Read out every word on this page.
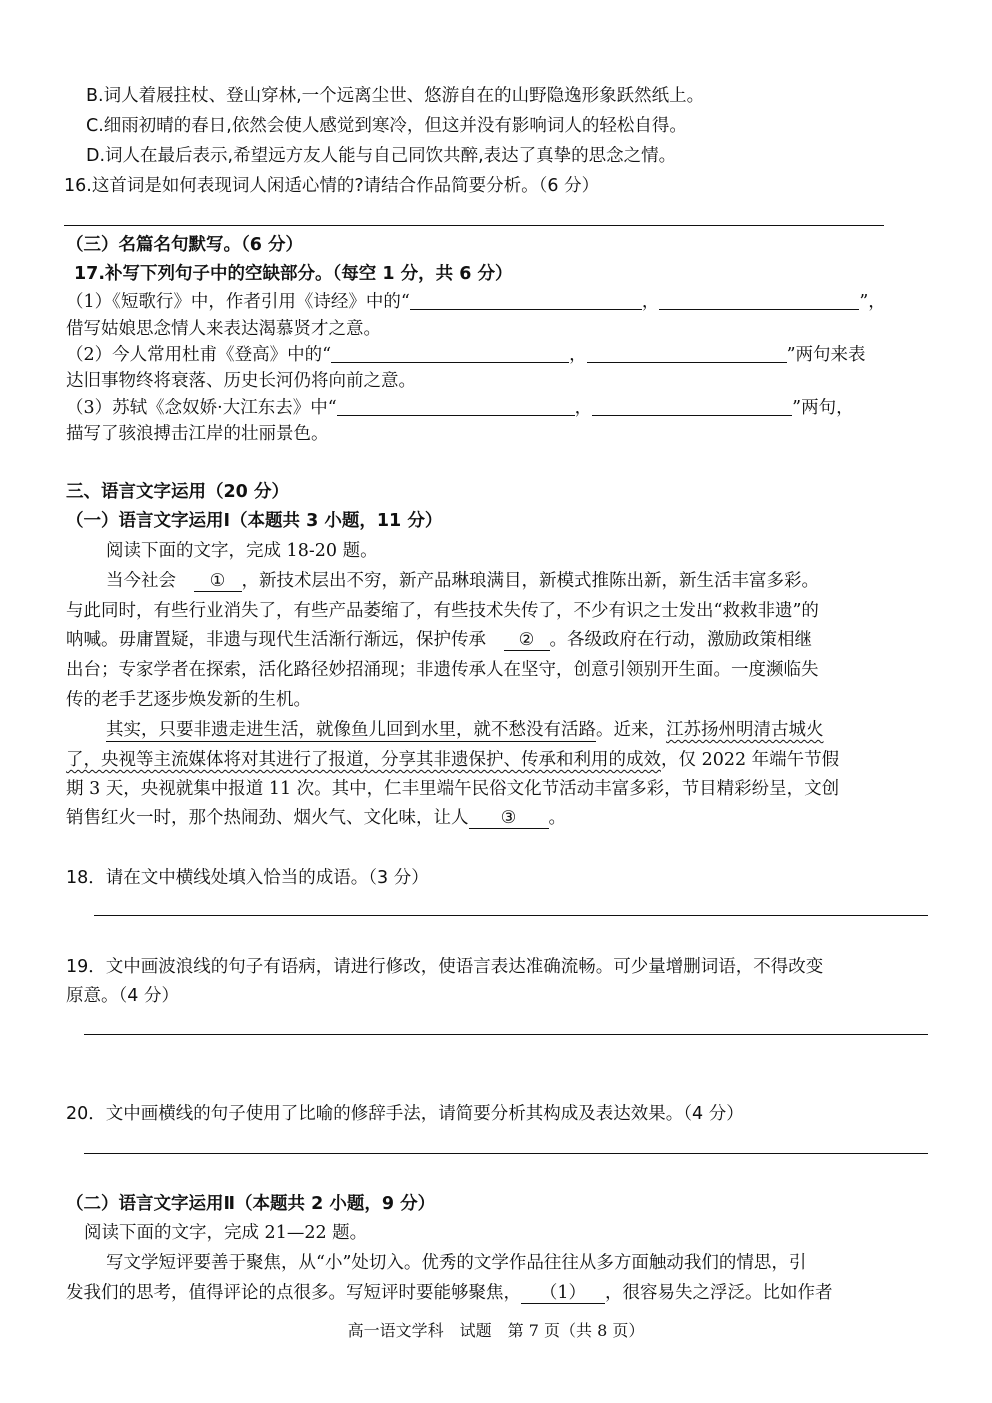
B.词人着屐拄杖、登山穿林,一个远离尘世、悠游自在的山野隐逸形象跃然纸上。
C.细雨初晴的春日,依然会使人感觉到寒冷，但这并没有影响词人的轻松自得。
D.词人在最后表示,希望远方友人能与自己同饮共醉,表达了真挚的思念之情。
16.这首词是如何表现词人闲适心情的?请结合作品简要分析。（6 分）
（三）名篇名句默写。（6 分）
17.补写下列句子中的空缺部分。（每空 1 分，共 6 分）
（1）《短歌行》中，作者引用《诗经》中的“	，	”，
借写姑娘思念情人来表达渴慕贤才之意。
（2）今人常用杜甫《登高》中的“	，	”两句来表
达旧事物终将衰落、历史长河仍将向前之意。
（3）苏轼《念奴娇·大江东去》中“	，	”两句，
描写了骇浪搏击江岸的壮丽景色。
三、语言文字运用（20 分）
（一）语言文字运用Ⅰ（本题共 3 小题，11 分）
阅读下面的文字，完成 18-20 题。
当今社会　 ① ，新技术层出不穷，新产品琳琅满目，新模式推陈出新，新生活丰富多彩。
与此同时，有些行业消失了，有些产品萎缩了，有些技术失传了，不少有识之士发出“救救非遗”的
呐喊。毋庸置疑，非遗与现代生活渐行渐远，保护传承　 ② 。各级政府在行动，激励政策相继
出台；专家学者在探索，活化路径妙招涌现；非遗传承人在坚守，创意引领别开生面。一度濒临失
传的老手艺逐步焕发新的生机。
其实，只要非遗走进生活，就像鱼儿回到水里，就不愁没有活路。近来，江苏扬州明清古城火
了，央视等主流媒体将对其进行了报道，分享其非遗保护、传承和利用的成效，仅 2022 年端午节假
期 3 天，央视就集中报道 11 次。其中，仁丰里端午民俗文化节活动丰富多彩，节目精彩纷呈，文创
销售红火一时，那个热闹劲、烟火气、文化味，让人 ③ 。
18．请在文中横线处填入恰当的成语。（3 分）
19．文中画波浪线的句子有语病，请进行修改，使语言表达准确流畅。可少量增删词语，不得改变
原意。（4 分）
20．文中画横线的句子使用了比喻的修辞手法，请简要分析其构成及表达效果。（4 分）
（二）语言文字运用Ⅱ（本题共 2 小题，9 分）
阅读下面的文字，完成 21—22 题。
写文学短评要善于聚焦，从“小”处切入。优秀的文学作品往往从多方面触动我们的情思，引
发我们的思考，值得评论的点很多。写短评时要能够聚焦， （1） ，很容易失之浮泛。比如作者
高一语文学科　试题　第 7 页（共 8 页）
